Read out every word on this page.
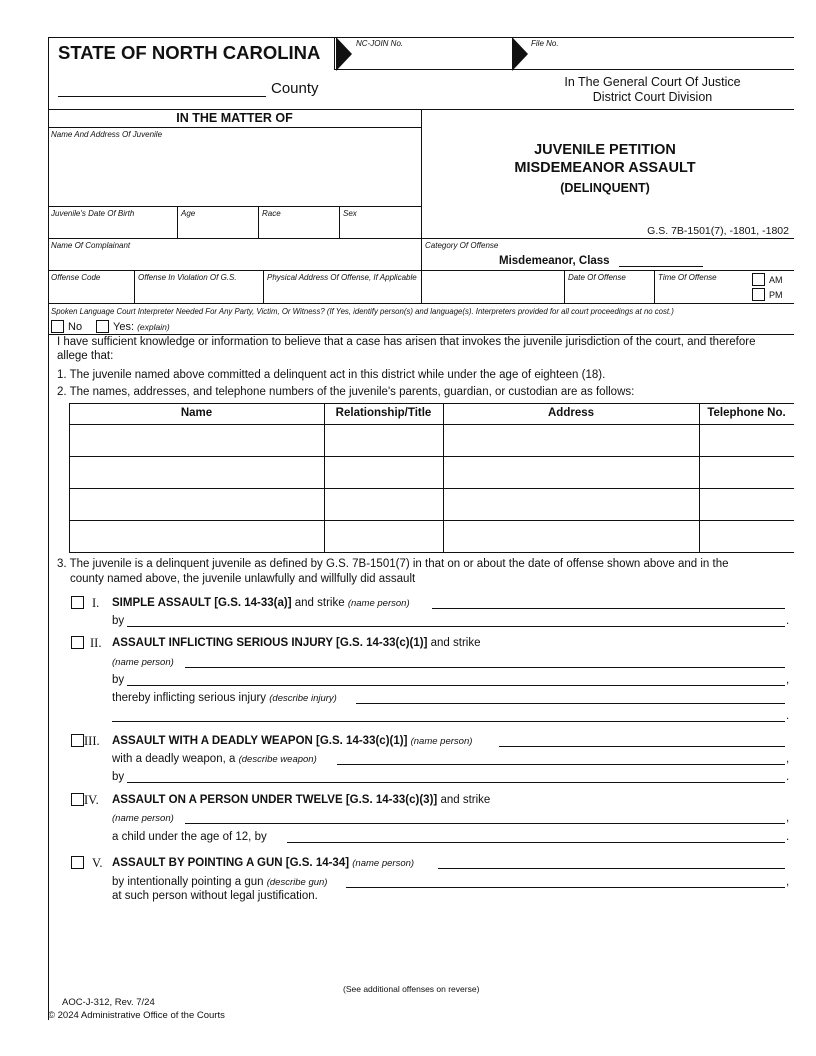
STATE OF NORTH CAROLINA	NC-JOIN No.	File No.
County	In The General Court Of Justice
District Court Division
IN THE MATTER OF
Name And Address Of Juvenile
Juvenile's Date Of Birth	Age	Race	Sex
Name Of Complainant
JUVENILE PETITION
MISDEMEANOR ASSAULT
(DELINQUENT)
G.S. 7B-1501(7), -1801, -1802
Category Of Offense
Misdemeanor, Class
Offense Code	Offense In Violation Of G.S.	Physical Address Of Offense, If Applicable	Date Of Offense	Time Of Offense	AM
PM
Spoken Language Court Interpreter Needed For Any Party, Victim, Or Witness? (If Yes, identify person(s) and language(s). Interpreters provided for all court proceedings at no cost.)
No	Yes: (explain)
I have sufficient knowledge or information to believe that a case has arisen that invokes the juvenile jurisdiction of the court, and therefore
allege that:
1. The juvenile named above committed a delinquent act in this district while under the age of eighteen (18).
2. The names, addresses, and telephone numbers of the juvenile's parents, guardian, or custodian are as follows:
Name	Relationship/Title	Address	Telephone No.
3. The juvenile is a delinquent juvenile as defined by G.S. 7B-1501(7) in that on or about the date of offense shown above and in the
county named above, the juvenile unlawfully and willfully did assault
I. SIMPLE ASSAULT [G.S. 14-33(a)] and strike (name person)
by	.
II. ASSAULT INFLICTING SERIOUS INJURY [G.S. 14-33(c)(1)] and strike
(name person)
by	,
thereby inflicting serious injury (describe injury)
.
III. ASSAULT WITH A DEADLY WEAPON [G.S. 14-33(c)(1)] (name person)
with a deadly weapon, a (describe weapon)	,
by	.
IV. ASSAULT ON A PERSON UNDER TWELVE [G.S. 14-33(c)(3)] and strike
(name person)	,
a child under the age of 12, by	.
V. ASSAULT BY POINTING A GUN [G.S. 14-34] (name person)
by intentionally pointing a gun (describe gun)	,
at such person without legal justification.
(See additional offenses on reverse)
AOC-J-312, Rev. 7/24
© 2024 Administrative Office of the Courts
